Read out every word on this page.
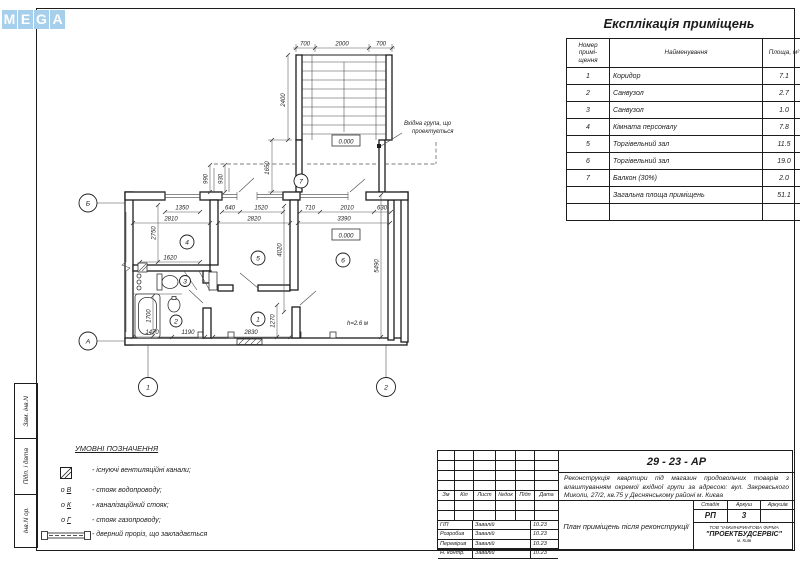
M E G A
Зам. інв.N
Підп. і дата
Інв.N ор.
Експлікація приміщень
Номер примі-щення	Найменування	Площа, м²
1	Коридор	7.1
2	Санвузол	2.7
3	Санвузол	1.0
4	Кімната персоналу	7.8
5	Торгівельний зал	11.5
6	Торгівельний зал	19.0
7	Балкон (30%)	2.0
	Загальна площа приміщень	51.1

0.000
Вхідна група, що
проектується
0.000
h=2.6 м
700	2000	700
2400
1650
990 930
1350	640	1520	710	2010	630
2810	2820	3390
1620
2750
4020
5490
1700	1270
1470	1190	2830
Б
А
1	2
1
2
3
4
5	6
7
УМОВНІ ПОЗНАЧЕННЯ
- існуючі вентиляційні канали;
о В	- стояк водопроводу;
о К	- каналізаційний стояк;
о Г	- стояк газопроводу;
- дверний проріз, що закладається
Зм	Кіл	Лист	№док	Підп	Дата
ГІП	Завалій	10.23
Розробив	Завалій	10.23
Перевірив	Завалій	10.23
Н. контр.	Завалій	10.23
29 - 23 - АР
Реконструкція квартири під магазин продовольчих товарів з влаштуванням окремої вхідної групи за адресою: вул. Закревського Миколи, 27/2, кв.75 у Деснянському районі м. Києва
План приміщень після реконструкції
Стадія	Аркуш	Аркушів
РП	3
ТОВ "ІНЖИНІРИНГОВА ФІРМА
"ПРОЕКТБУДСЕРВІС"
м. Київ
